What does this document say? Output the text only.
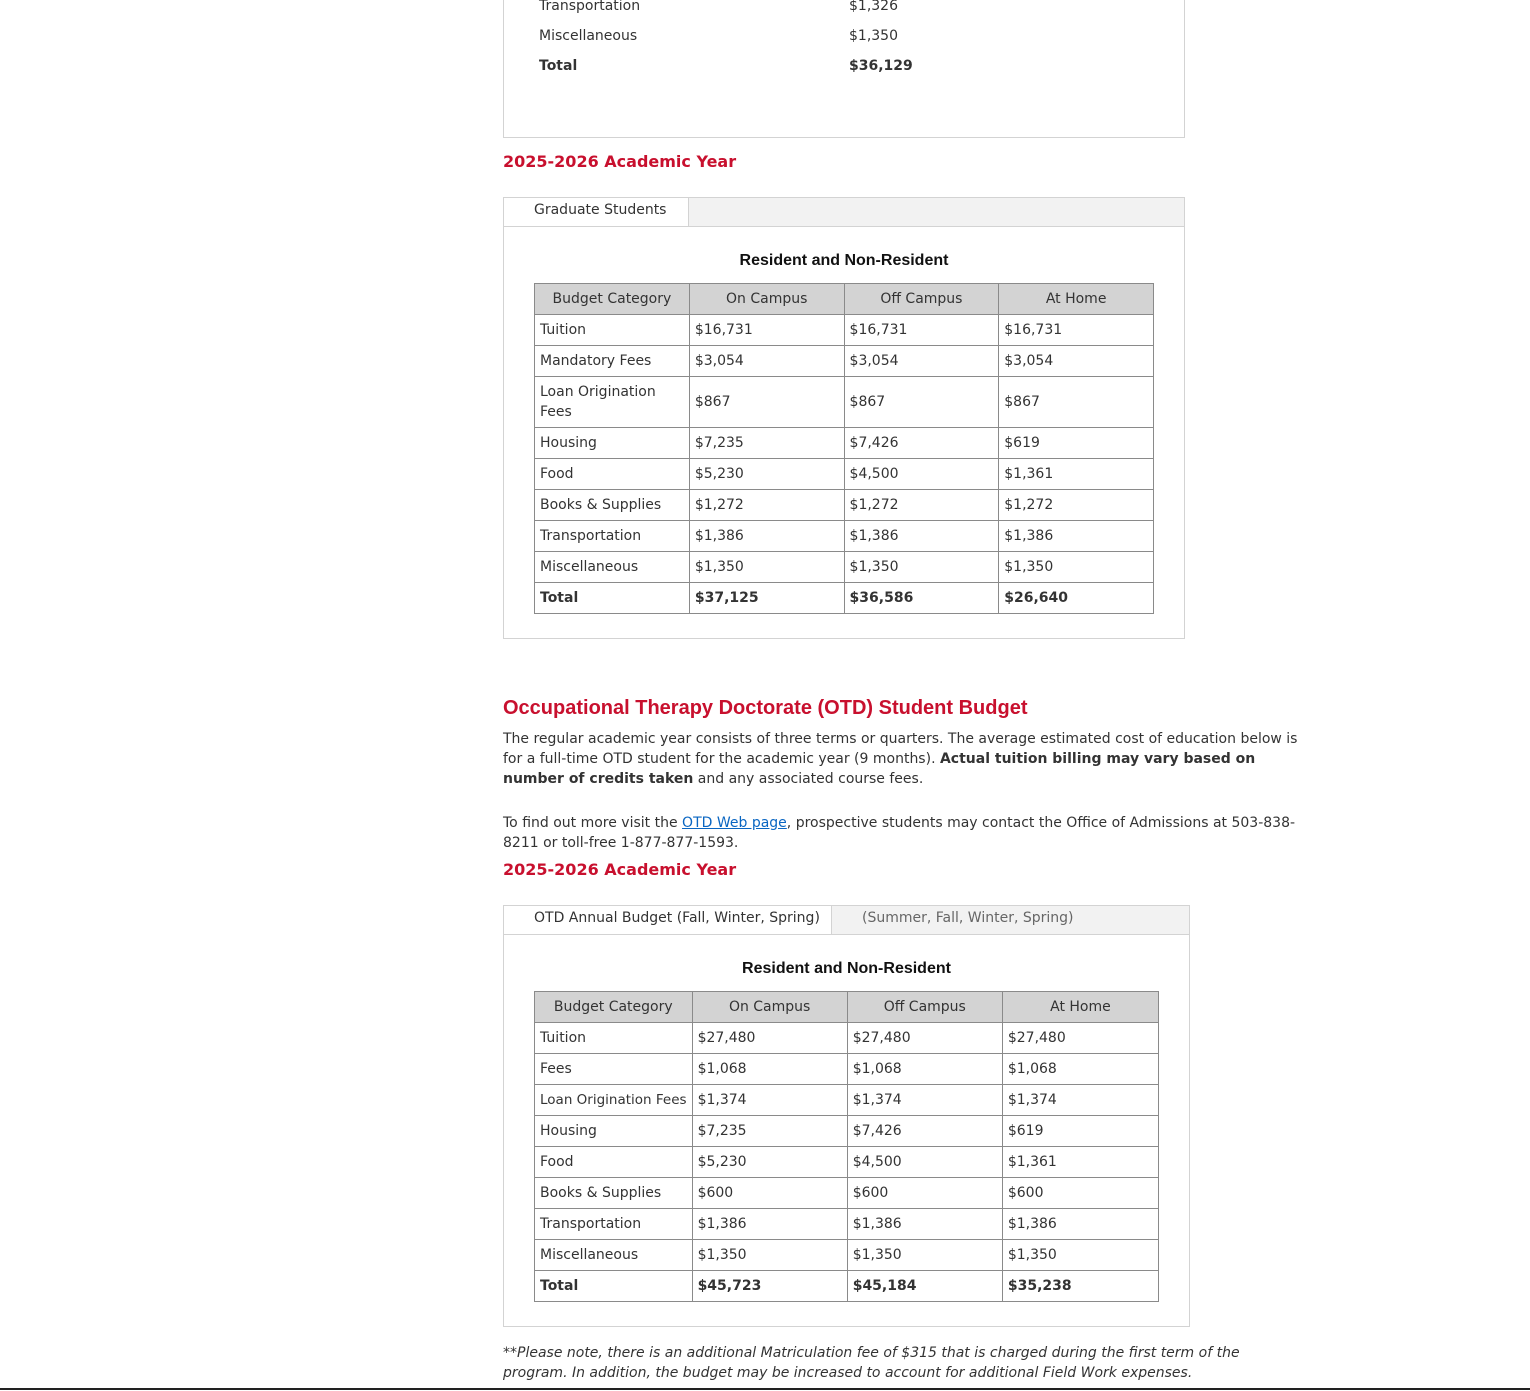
Transportation	$1,326
Miscellaneous	$1,350
Total	$36,129
2025-2026 Academic Year
Graduate Students
Resident and Non-Resident
Budget Category	On Campus	Off Campus	At Home
Tuition	$16,731	$16,731	$16,731
Mandatory Fees	$3,054	$3,054	$3,054
Loan Origination Fees	$867	$867	$867
Housing	$7,235	$7,426	$619
Food	$5,230	$4,500	$1,361
Books & Supplies	$1,272	$1,272	$1,272
Transportation	$1,386	$1,386	$1,386
Miscellaneous	$1,350	$1,350	$1,350
Total	$37,125	$36,586	$26,640
Occupational Therapy Doctorate (OTD) Student Budget

The regular academic year consists of three terms or quarters. The average estimated cost of education below is for a full-time OTD student for the academic year (9 months). Actual tuition billing may vary based on number of credits taken and any associated course fees.

To find out more visit the OTD Web page, prospective students may contact the Office of Admissions at 503-838-8211 or toll-free 1-877-877-1593.

2025-2026 Academic Year
OTD Annual Budget (Fall, Winter, Spring)	(Summer, Fall, Winter, Spring)
Resident and Non-Resident
Budget Category	On Campus	Off Campus	At Home
Tuition	$27,480	$27,480	$27,480
Fees	$1,068	$1,068	$1,068
Loan Origination Fees	$1,374	$1,374	$1,374
Housing	$7,235	$7,426	$619
Food	$5,230	$4,500	$1,361
Books & Supplies	$600	$600	$600
Transportation	$1,386	$1,386	$1,386
Miscellaneous	$1,350	$1,350	$1,350
Total	$45,723	$45,184	$35,238

**Please note, there is an additional Matriculation fee of $315 that is charged during the first term of the program. In addition, the budget may be increased to account for additional Field Work expenses.
